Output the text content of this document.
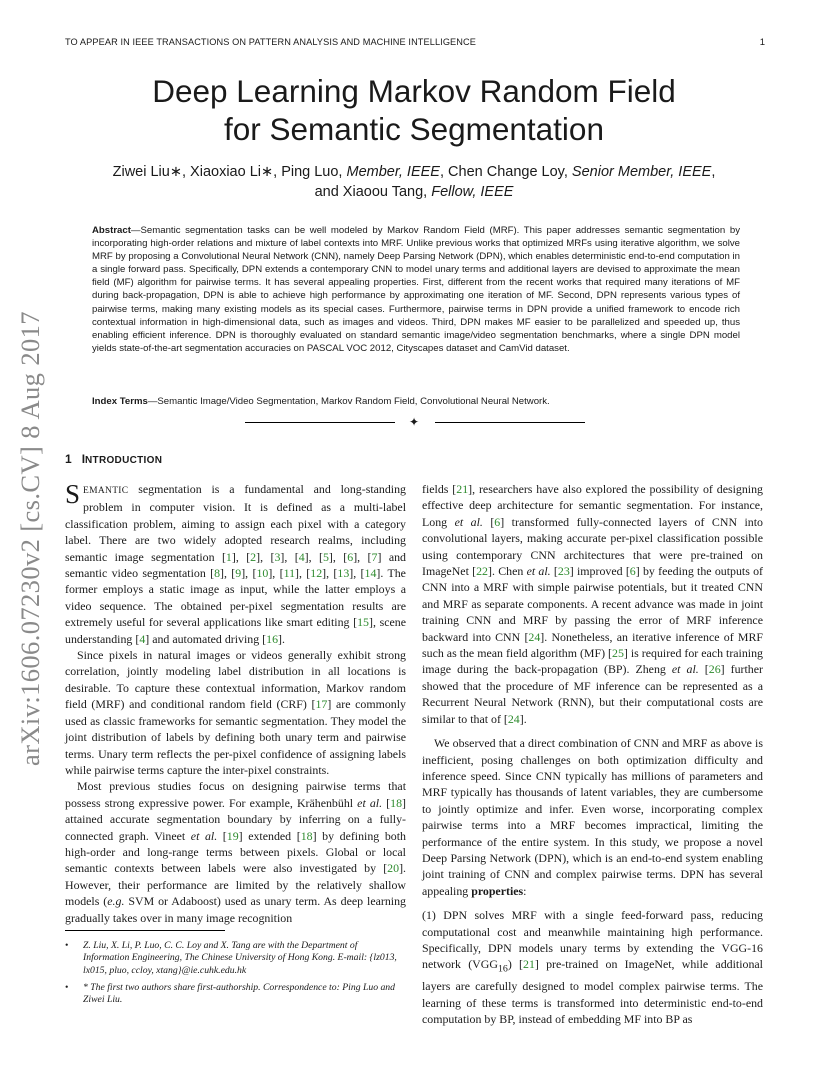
TO APPEAR IN IEEE TRANSACTIONS ON PATTERN ANALYSIS AND MACHINE INTELLIGENCE	1
arXiv:1606.07230v2 [cs.CV] 8 Aug 2017
Deep Learning Markov Random Field
for Semantic Segmentation
Ziwei Liu∗, Xiaoxiao Li∗, Ping Luo, Member, IEEE, Chen Change Loy, Senior Member, IEEE,
and Xiaoou Tang, Fellow, IEEE
Abstract—Semantic segmentation tasks can be well modeled by Markov Random Field (MRF). This paper addresses semantic segmentation by incorporating high-order relations and mixture of label contexts into MRF. Unlike previous works that optimized MRFs using iterative algorithm, we solve MRF by proposing a Convolutional Neural Network (CNN), namely Deep Parsing Network (DPN), which enables deterministic end-to-end computation in a single forward pass. Specifically, DPN extends a contemporary CNN to model unary terms and additional layers are devised to approximate the mean field (MF) algorithm for pairwise terms. It has several appealing properties. First, different from the recent works that required many iterations of MF during back-propagation, DPN is able to achieve high performance by approximating one iteration of MF. Second, DPN represents various types of pairwise terms, making many existing models as its special cases. Furthermore, pairwise terms in DPN provide a unified framework to encode rich contextual information in high-dimensional data, such as images and videos. Third, DPN makes MF easier to be parallelized and speeded up, thus enabling efficient inference. DPN is thoroughly evaluated on standard semantic image/video segmentation benchmarks, where a single DPN model yields state-of-the-art segmentation accuracies on PASCAL VOC 2012, Cityscapes dataset and CamVid dataset.
Index Terms—Semantic Image/Video Segmentation, Markov Random Field, Convolutional Neural Network.
✦
1 INTRODUCTION

SEMANTIC segmentation is a fundamental and long-standing problem in computer vision. It is defined as a multi-label classification problem, aiming to assign each pixel with a category label. There are two widely adopted research realms, including semantic image segmentation [1], [2], [3], [4], [5], [6], [7] and semantic video segmentation [8], [9], [10], [11], [12], [13], [14]. The former employs a static image as input, while the latter employs a video sequence. The obtained per-pixel segmentation results are extremely useful for several applications like smart editing [15], scene understanding [4] and automated driving [16].

Since pixels in natural images or videos generally exhibit strong correlation, jointly modeling label distribution in all locations is desirable. To capture these contextual information, Markov random field (MRF) and conditional random field (CRF) [17] are commonly used as classic frameworks for semantic segmentation. They model the joint distribution of labels by defining both unary term and pairwise terms. Unary term reflects the per-pixel confidence of assigning labels while pairwise terms capture the inter-pixel constraints.

Most previous studies focus on designing pairwise terms that possess strong expressive power. For example, Krähenbühl et al. [18] attained accurate segmentation boundary by inferring on a fully-connected graph. Vineet et al. [19] extended [18] by defining both high-order and long-range terms between pixels. Global or local semantic contexts between labels were also investigated by [20]. However, their performance are limited by the relatively shallow models (e.g. SVM or Adaboost) used as unary term. As deep learning gradually takes over in many image recognition

fields [21], researchers have also explored the possibility of designing effective deep architecture for semantic segmentation. For instance, Long et al. [6] transformed fully-connected layers of CNN into convolutional layers, making accurate per-pixel classification possible using contemporary CNN architectures that were pre-trained on ImageNet [22]. Chen et al. [23] improved [6] by feeding the outputs of CNN into a MRF with simple pairwise potentials, but it treated CNN and MRF as separate components. A recent advance was made in joint training CNN and MRF by passing the error of MRF inference backward into CNN [24]. Nonetheless, an iterative inference of MRF such as the mean field algorithm (MF) [25] is required for each training image during the back-propagation (BP). Zheng et al. [26] further showed that the procedure of MF inference can be represented as a Recurrent Neural Network (RNN), but their computational costs are similar to that of [24].

We observed that a direct combination of CNN and MRF as above is inefficient, posing challenges on both optimization difficulty and inference speed. Since CNN typically has millions of parameters and MRF typically has thousands of latent variables, they are cumbersome to jointly optimize and infer. Even worse, incorporating complex pairwise terms into a MRF becomes impractical, limiting the performance of the entire system. In this study, we propose a novel Deep Parsing Network (DPN), which is an end-to-end system enabling joint training of CNN and complex pairwise terms. DPN has several appealing properties:

(1) DPN solves MRF with a single feed-forward pass, reducing computational cost and meanwhile maintaining high performance. Specifically, DPN models unary terms by extending the VGG-16 network $(VGG_{16})$ [21] pre-trained on ImageNet, while additional layers are carefully designed to model complex pairwise terms. The learning of these terms is transformed into deterministic end-to-end computation by BP, instead of embedding MF into BP as

• Z. Liu, X. Li, P. Luo, C. C. Loy and X. Tang are with the Department of Information Engineering, The Chinese University of Hong Kong. E-mail: {lz013, lx015, pluo, ccloy, xtang}@ie.cuhk.edu.hk
• * The first two authors share first-authorship. Correspondence to: Ping Luo and Ziwei Liu.
